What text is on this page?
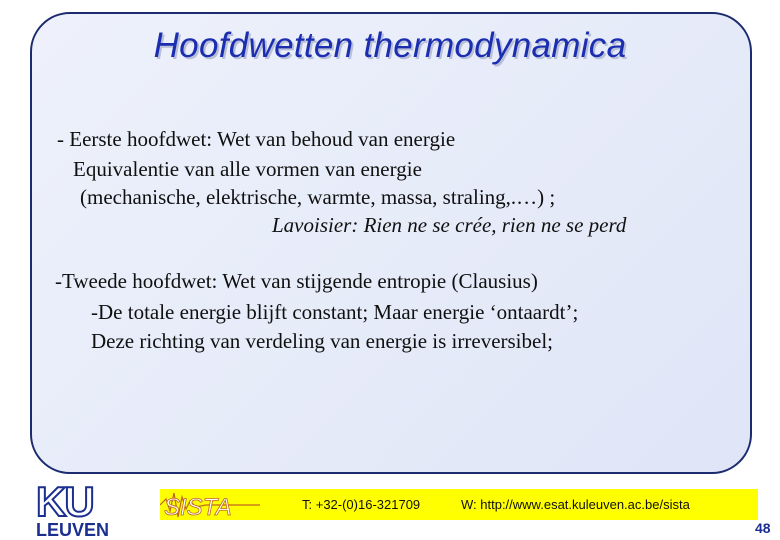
Hoofdwetten thermodynamica
- Eerste hoofdwet: Wet van behoud van energie
Equivalentie van alle vormen van energie
(mechanische, elektrische, warmte, massa, straling,.…) ;
Lavoisier: Rien ne se crée, rien ne se perd
-Tweede hoofdwet: Wet van stijgende entropie (Clausius)
-De totale energie blijft constant; Maar energie ‘ontaardt’;
Deze richting van verdeling van energie is irreversibel;
SISTA	T: +32-(0)16-321709	W: http://www.esat.kuleuven.ac.be/sista
KU
LEUVEN	48
